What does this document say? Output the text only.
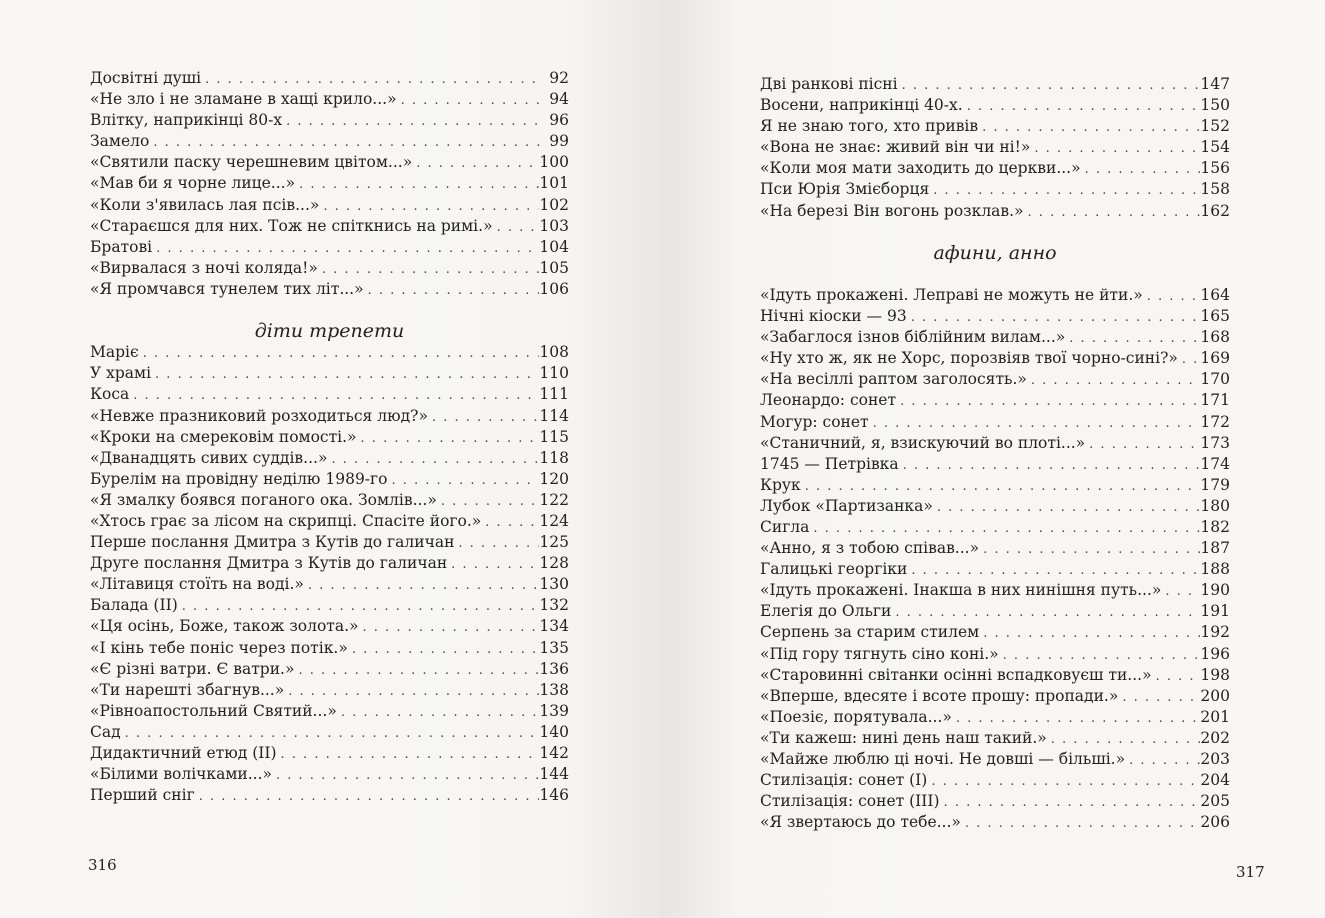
Досвітні душі . . .	92
«Не зло і не зламане в хащі крило...» . . .	94
Влітку, наприкінці 80-х . . .	96
Замело . . .	99
«Святили паску черешневим цвітом...» . . .	100
«Мав би я чорне лице...» . . .	101
«Коли з'явилась лая псів...» . . .	102
«Стараєшся для них. Тож не спіткнись на римі.» . . .	103
Братові . . .	104
«Вирвалася з ночі коляда!» . . .	105
«Я промчався тунелем тих літ...» . . .	106
діти трепети
Маріє . . .	108
У храмі . . .	110
Коса . . .	111
«Невже празниковий розходиться люд?» . . .	114
«Кроки на смерековім помості.» . . .	115
«Дванадцять сивих суддів...» . . .	118
Бурелім на провідну неділю 1989-го . . .	120
«Я змалку боявся поганого ока. Зомлів...» . . .	122
«Хтось грає за лісом на скрипці. Спасіте його.» . . .	124
Перше послання Дмитра з Кутів до галичан . . .	125
Друге послання Дмитра з Кутів до галичан . . .	128
«Літавиця стоїть на воді.» . . .	130
Балада (ІІ) . . .	132
«Ця осінь, Боже, також золота.» . . .	134
«І кінь тебе поніс через потік.» . . .	135
«Є різні ватри. Є ватри.» . . .	136
«Ти нарешті збагнув...» . . .	138
«Рівноапостольний Святий...» . . .	139
Сад . . .	140
Дидактичний етюд (ІІ) . . .	142
«Білими волічками...» . . .	144
Перший сніг . . .	146
316
Дві ранкові пісні . . .	147
Восени, наприкінці 40-х. . . .	150
Я не знаю того, хто привів . . .	152
«Вона не знає: живий він чи ні!» . . .	154
«Коли моя мати заходить до церкви...» . . .	156
Пси Юрія Змієборця . . .	158
«На березі Він вогонь розклав.» . . .	162
афини, анно
«Ідуть прокажені. Леправі не можуть не йти.» . . .	164
Нічні кіоски — 93 . . .	165
«Забаглося ізнов біблійним вилам...» . . .	168
«Ну хто ж, як не Хорс, порозвіяв твої чорно-сині?» . . . 169
«На весіллі раптом заголосять.» . . .	170
Леонардо: сонет . . .	171
Могур: сонет . . .	172
«Станичний, я, взискуючий во плоті...» . . .	173
1745 — Петрівка . . .	174
Крук . . .	179
Лубок «Партизанка» . . .	180
Сигла . . .	182
«Анно, я з тобою співав...» . . .	187
Галицькі георгіки . . .	188
«Ідуть прокажені. Інакша в них нинішня путь...» . . .	190
Елегія до Ольги . . .	191
Серпень за старим стилем . . .	192
«Під гору тягнуть сіно коні.» . . .	196
«Старовинні світанки осінні вспадковуєш ти...» . . .	198
«Вперше, вдесяте і всоте прошу: пропади.» . . .	200
«Поезіє, порятувала...» . . .	201
«Ти кажеш: нині день наш такий.» . . .	202
«Майже люблю ці ночі. Не довші — більші.» . . .	203
Стилізація: сонет (І) . . .	204
Стилізація: сонет (ІІІ) . . .	205
«Я звертаюсь до тебе...» . . .	206
317
